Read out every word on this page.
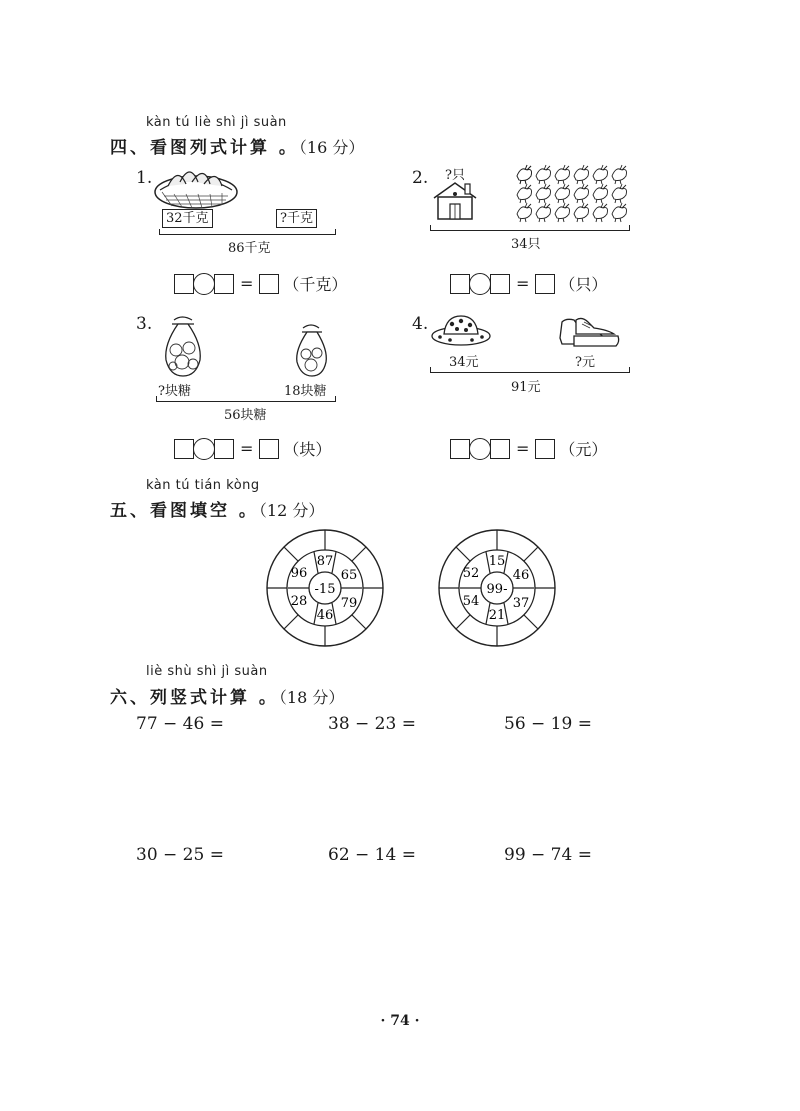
kàn tú liè shì jì suàn
四、看图列式计算 。（16 分）
1.
32千克	?千克
86千克
= （千克）
2. ?只
34只
= （只）
3.
?块糖	18块糖
56块糖
= （块）
4.
34元	?元
91元
= （元）
kàn tú tián kòng
五、看图填空 。（12 分）
-15
87
65
79
46
28
96
99-
15
46
37
21
54
52
liè shù shì jì suàn
六、列竖式计算 。（18 分）
77 − 46 =	38 − 23 =	56 − 19 =
30 − 25 =	62 − 14 =	99 − 74 =
· 74 ·
